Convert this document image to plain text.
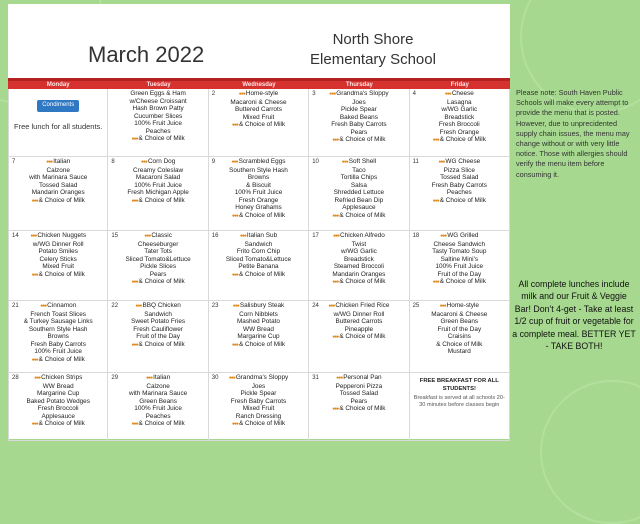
March 2022
North Shore
Elementary School
Monday	Tuesday	Wednesday	Thursday	Friday
Condiments
Free lunch for all students.
Green Eggs & Ham
w/Cheese Croissant
Hash Brown Patty
Cucumber Slices
100% Fruit Juice
Peaches
●●●& Choice of Milk
2	●●●Home-style
Macaroni & Cheese
Buttered Carrots
Mixed Fruit
●●●& Choice of Milk
3	●●●Grandma's Sloppy
Joes
Pickle Spear
Baked Beans
Fresh Baby Carrots
Pears
●●●& Choice of Milk
4	●●●Cheese
Lasagna
w/WG Garlic
Breadstick
Fresh Broccoli
Fresh Orange
●●●& Choice of Milk
7	●●●Italian
Calzone
with Marinara Sauce
Tossed Salad
Mandarin Oranges
●●●& Choice of Milk
8	●●●Corn Dog
Creamy Coleslaw
Macaroni Salad
100% Fruit Juice
Fresh Michigan Apple
●●●& Choice of Milk
9	●●●Scrambled Eggs
Southern Style Hash
Browns
& Biscuit
100% Fruit Juice
Fresh Orange
Honey Grahams
●●●& Choice of Milk
10	●●●Soft Shell
Taco
Tortilla Chips
Salsa
Shredded Lettuce
Refried Bean Dip
Applesauce
●●●& Choice of Milk
11	●●●WG Cheese
Pizza Slice
Tossed Salad
Fresh Baby Carrots
Peaches
●●●& Choice of Milk
14	●●●Chicken Nuggets
w/WG Dinner Roll
Potato Smiles
Celery Sticks
Mixed Fruit
●●●& Choice of Milk
15	●●●Classic
Cheeseburger
Tater Tots
Sliced Tomato&Lettuce
Pickle Slices
Pears
●●●& Choice of Milk
16	●●●Italian Sub
Sandwich
Frito Corn Chip
Sliced Tomato&Lettuce
Petite Banana
●●●& Choice of Milk
17	●●●Chicken Alfredo
Twist
w/WG Garlic
Breadstick
Steamed Broccoli
Mandarin Oranges
●●●& Choice of Milk
18	●●●WG Grilled
Cheese Sandwich
Tasty Tomato Soup
Saltine Mini's
100% Fruit Juice
Fruit of the Day
●●●& Choice of Milk
21	●●●Cinnamon
French Toast Slices
& Turkey Sausage Links
Southern Style Hash
Browns
Fresh Baby Carrots
100% Fruit Juice
●●●& Choice of Milk
22	●●●BBQ Chicken
Sandwich
Sweet Potato Fries
Fresh Cauliflower
Fruit of the Day
●●●& Choice of Milk
23	●●●Salisbury Steak
Corn Nibblets
Mashed Potato
WW Bread
Margarine Cup
●●●& Choice of Milk
24	●●●Chicken Fried Rice
w/WG Dinner Roll
Buttered Carrots
Pineapple
●●●& Choice of Milk
25	●●●Home-style
Macaroni & Cheese
Green Beans
Fruit of the Day
Craisins
& Choice of Milk
Mustard
28	●●●Chicken Strips
WW Bread
Margarine Cup
Baked Potato Wedges
Fresh Broccoli
Applesauce
●●●& Choice of Milk
29	●●●Italian
Calzone
with Marinara Sauce
Green Beans
100% Fruit Juice
Peaches
●●●& Choice of Milk
30	●●●Grandma's Sloppy
Joes
Pickle Spear
Fresh Baby Carrots
Mixed Fruit
Ranch Dressing
●●●& Choice of Milk
31	●●●Personal Pan
Pepperoni Pizza
Tossed Salad
Pears
●●●& Choice of Milk
FREE BREAKFAST FOR ALL STUDENTS!
Breakfast is served at all schools 20-30 minutes before classes begin
Please note: South Haven Public Schools will make every attempt to provide the menu that is posted. However, due to unprecidented supply chain issues, the menu may change without or with very little notice. Those with allergies should verify the menu item before consuming it.
All complete lunches include milk and our Fruit & Veggie Bar! Don't 4-get - Take at least 1/2 cup of fruit or vegetable for a complete meal. BETTER YET - TAKE BOTH!
